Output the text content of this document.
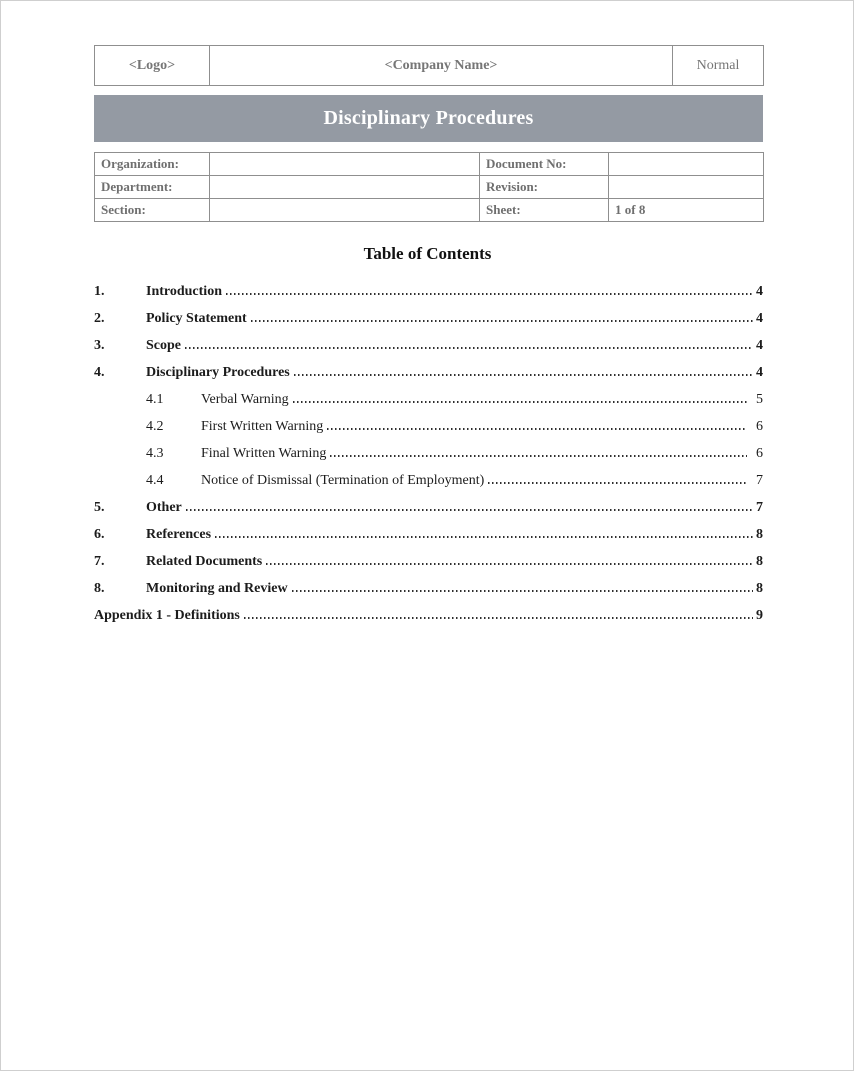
<Logo>	<Company Name>	Normal
Disciplinary Procedures
Organization:		Document No:	
Department:		Revision:	
Section:		Sheet:	1 of 8
Table of Contents
1.	Introduction	4
2.	Policy Statement	4
3.	Scope	4
4.	Disciplinary Procedures	4
4.1	Verbal Warning	5
4.2	First Written Warning	6
4.3	Final Written Warning	6
4.4	Notice of Dismissal (Termination of Employment)	7
5.	Other	7
6.	References	8
7.	Related Documents	8
8.	Monitoring and Review	8
Appendix 1 - Definitions	9
